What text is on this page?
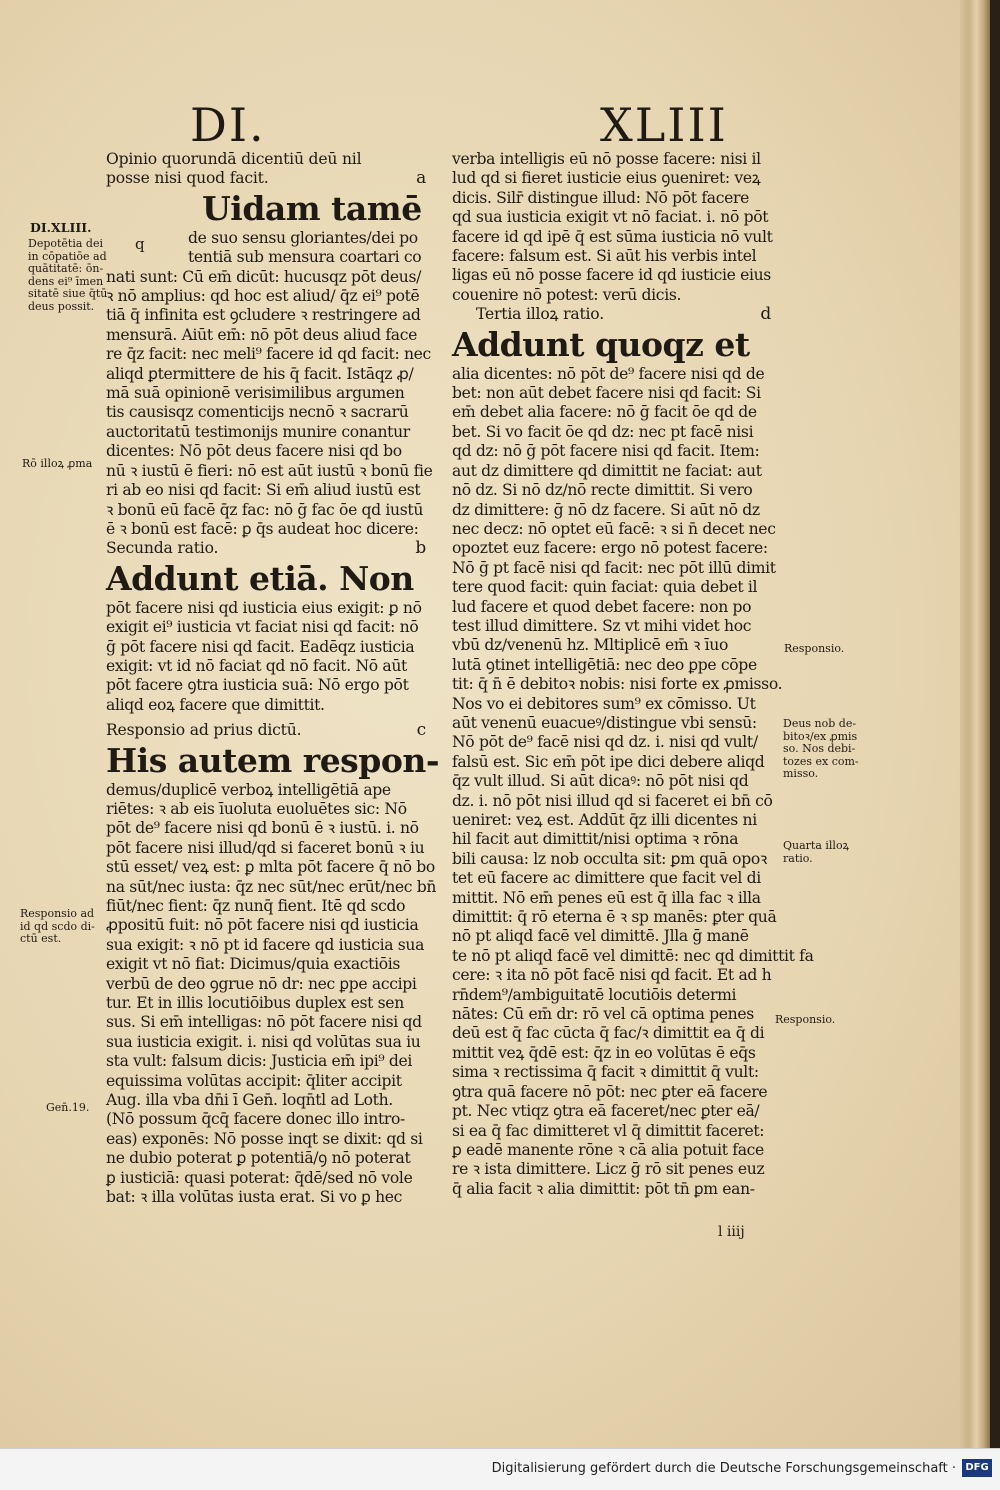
DI.	XLIII
DI.XLIII.
Depotētia dei
in cōpatiōe ad
quātitatē: ōn-
dens ei⁹ īmen
sitatē siue q̄tū
deus possit.
Rō illoꝝ ꝓma
Responsio ad
id qd scdo di-
ctū est.
Gen̄.19.
Responsio.
Deus nob de-
bitoꝛ/ex ꝓmis
so. Nos debi-
tozes ex com-
misso.
Quarta illoꝝ
ratio.
Responsio.
q
Opinio quorundā dicentiū deū nil
posse nisi quod facit.	a
Uidam tamē
de suo sensu gloriantes/dei po
tentiā sub mensura coartari co
nati sunt: Cū em̄ dicūt: hucusqz pōt deus/
ꝛ nō amplius: qd hoc est aliud/ q̄z ei⁹ potē
tiā q̄ infinita est ꝯcludere ꝛ restringere ad
mensurā. Aiūt em̄: nō pōt deus aliud face
re q̄z facit: nec meli⁹ facere id qd facit: nec
aliqd ꝑtermittere de his q̄ facit. Istāqz ꝓ/
mā suā opinionē verisimilibus argumen
tis causisqz comenticijs necnō ꝛ sacrarū
auctoritatū testimonijs munire conantur
dicentes: Nō pōt deus facere nisi qd bo
nū ꝛ iustū ē fieri: nō est aūt iustū ꝛ bonū fie
ri ab eo nisi qd facit: Si em̄ aliud iustū est
ꝛ bonū eū facē q̄z fac: nō ḡ fac ōe qd iustū
ē ꝛ bonū est facē: ꝑ q̄s audeat hoc dicere:
Secunda ratio.	b
Addunt etiā. Non
pōt facere nisi qd iusticia eius exigit: ꝑ nō
exigit ei⁹ iusticia vt faciat nisi qd facit: nō
ḡ pōt facere nisi qd facit. Eadēqz iusticia
exigit: vt id nō faciat qd nō facit. Nō aūt
pōt facere ꝯtra iusticia suā: Nō ergo pōt
aliqd eoꝝ facere que dimittit.
Responsio ad prius dictū.	c
His autem respon-
demus/duplicē verboꝝ intelligētiā ape
riētes: ꝛ ab eis īuoluta euoluētes sic: Nō
pōt de⁹ facere nisi qd bonū ē ꝛ iustū. i. nō
pōt facere nisi illud/qd si faceret bonū ꝛ iu
stū esset/ veꝝ est: ꝑ mlta pōt facere q̄ nō bo
na sūt/nec iusta: q̄z nec sūt/nec erūt/nec bn̄
fiūt/nec fient: q̄z nunq̄ fient. Itē qd scdo
ꝓpositū fuit: nō pōt facere nisi qd iusticia
sua exigit: ꝛ nō pt id facere qd iusticia sua
exigit vt nō fiat: Dicimus/quia exactiōis
verbū de deo ꝯgrue nō dr: nec ꝑpe accipi
tur. Et in illis locutiōibus duplex est sen
sus. Si em̄ intelligas: nō pōt facere nisi qd
sua iusticia exigit. i. nisi qd volūtas sua iu
sta vult: falsum dicis: Justicia em̄ ipi⁹ dei
equissima volūtas accipit: q̄liter accipit
Aug. illa vba dn̄i ī Gen̄. loqn̄tl ad Loth.
(Nō possum q̄cq̄ facere donec illo intro-
eas) exponēs: Nō posse inqt se dixit: qd si
ne dubio poterat ꝑ potentiā/ꝯ nō poterat
ꝑ iusticiā: quasi poterat: q̄dē/sed nō vole
bat: ꝛ illa volūtas iusta erat. Si vo ꝑ hec
verba intelligis eū nō posse facere: nisi il
lud qd si fieret iusticie eius ꝯueniret: veꝝ
dicis. Silr̄ distingue illud: Nō pōt facere
qd sua iusticia exigit vt nō faciat. i. nō pōt
facere id qd ipē q̄ est sūma iusticia nō vult
facere: falsum est. Si aūt his verbis intel
ligas eū nō posse facere id qd iusticie eius
couenire nō potest: verū dicis.
Tertia illoꝝ ratio.	d
Addunt quoqz et
alia dicentes: nō pōt de⁹ facere nisi qd de
bet: non aūt debet facere nisi qd facit: Si
em̄ debet alia facere: nō ḡ facit ōe qd de
bet. Si vo facit ōe qd dz: nec pt facē nisi
qd dz: nō ḡ pōt facere nisi qd facit. Item:
aut dz dimittere qd dimittit ne faciat: aut
nō dz. Si nō dz/nō recte dimittit. Si vero
dz dimittere: ḡ nō dz facere. Si aūt nō dz
nec decz: nō optet eū facē: ꝛ si n̄ decet nec
opoztet euz facere: ergo nō potest facere:
Nō ḡ pt facē nisi qd facit: nec pōt illū dimit
tere quod facit: quin faciat: quia debet il
lud facere et quod debet facere: non po
test illud dimittere. Sz vt mihi videt hoc
vbū dz/venenū hz. Mltiplicē em̄ ꝛ īuo
lutā ꝯtinet intelligētiā: nec deo ꝑpe cōpe
tit: q̄ n̄ ē debitoꝛ nobis: nisi forte ex ꝓmisso.
Nos vo ei debitores sum⁹ ex cōmisso. Ut
aūt venenū euacueꝰ/distingue vbi sensū:
Nō pōt de⁹ facē nisi qd dz. i. nisi qd vult/
falsū est. Sic em̄ pōt ipe dici debere aliqd
q̄z vult illud. Si aūt dicaꝰ: nō pōt nisi qd
dz. i. nō pōt nisi illud qd si faceret ei bn̄ cō
ueniret: veꝝ est. Addūt q̄z illi dicentes ni
hil facit aut dimittit/nisi optima ꝛ rōna
bili causa: lz nob occulta sit: ꝑm quā opoꝛ
tet eū facere ac dimittere que facit vel di
mittit. Nō em̄ penes eū est q̄ illa fac ꝛ illa
dimittit: q̄ rō eterna ē ꝛ sp manēs: ꝑter quā
nō pt aliqd facē vel dimittē. Jlla ḡ manē
te nō pt aliqd facē vel dimittē: nec qd dimittit fa
cere: ꝛ ita nō pōt facē nisi qd facit. Et ad h
rn̄dem⁹/ambiguitatē locutiōis determi
nātes: Cū em̄ dr: rō vel cā optima penes
deū est q̄ fac cūcta q̄ fac/ꝛ dimittit ea q̄ di
mittit veꝝ q̄dē est: q̄z in eo volūtas ē eq̄s
sima ꝛ rectissima q̄ facit ꝛ dimittit q̄ vult:
ꝯtra quā facere nō pōt: nec ꝑter eā facere
pt. Nec vtiqz ꝯtra eā faceret/nec ꝑter eā/
si ea q̄ fac dimitteret vl q̄ dimittit faceret:
ꝑ eadē manente rōne ꝛ cā alia potuit face
re ꝛ ista dimittere. Licz ḡ rō sit penes euz
q̄ alia facit ꝛ alia dimittit: pōt tn̄ ꝑm ean-
l iiij
Digitalisierung gefördert durch die Deutsche Forschungsgemeinschaft · DFG
